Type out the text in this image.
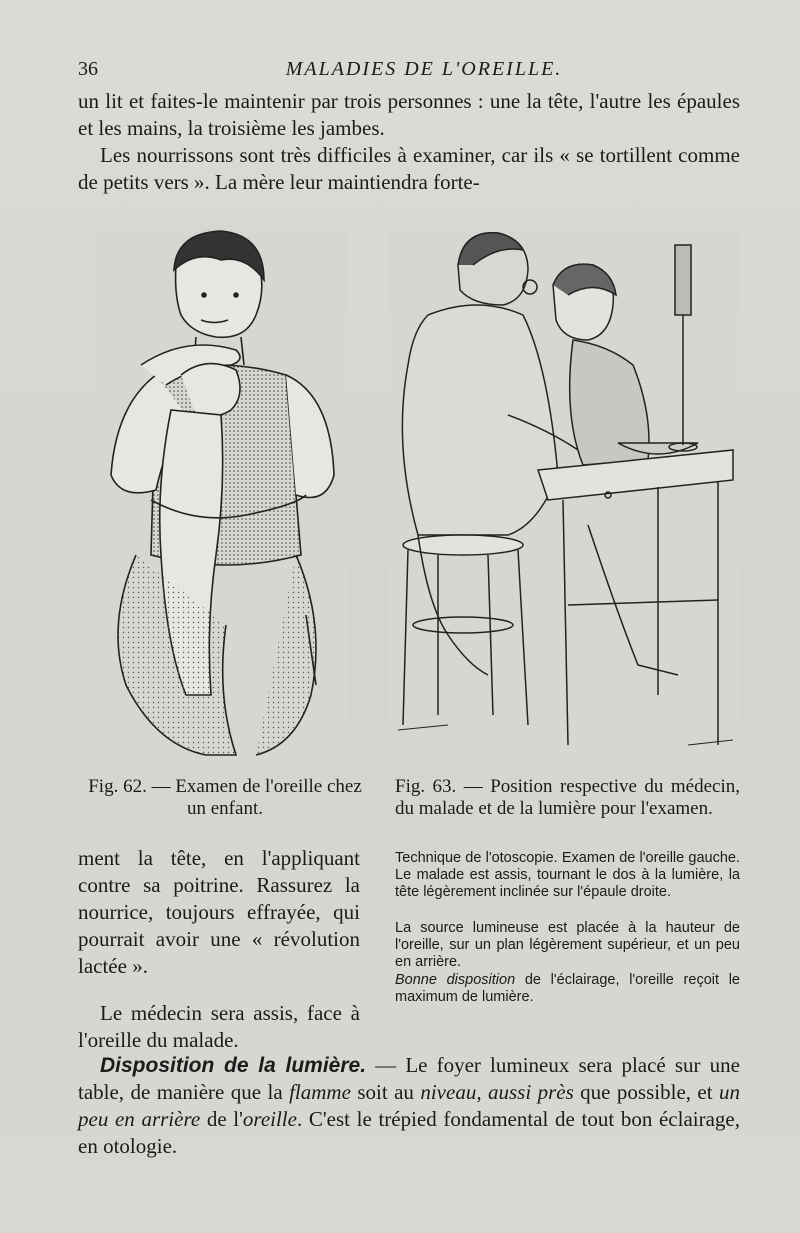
36	MALADIES DE L'OREILLE.

un lit et faites-le maintenir par trois personnes : une la tête, l'autre les épaules et les mains, la troisième les jambes.
Les nourrissons sont très difficiles à examiner, car ils « se tortillent comme de petits vers ». La mère leur maintiendra forte-

Fig. 62. — Examen de l'oreille chez un enfant.

Fig. 63. — Position respective du médecin, du malade et de la lumière pour l'examen.

Technique de l'otoscopie. Examen de l'oreille gauche. Le malade est assis, tournant le dos à la lumière, la tête légèrement inclinée sur l'épaule droite.

La source lumineuse est placée à la hauteur de l'oreille, sur un plan légèrement supérieur, et un peu en arrière.

Bonne disposition de l'éclairage, l'oreille reçoit le maximum de lumière.

ment la tête, en l'appliquant contre sa poitrine. Rassurez la nourrice, toujours effrayée, qui pourrait avoir une « révolution lactée ».

Le médecin sera assis, face à l'oreille du malade.

Disposition de la lumière. — Le foyer lumineux sera placé sur une table, de manière que la flamme soit au niveau, aussi près que possible, et un peu en arrière de l'oreille. C'est le trépied fondamental de tout bon éclairage, en otologie.
